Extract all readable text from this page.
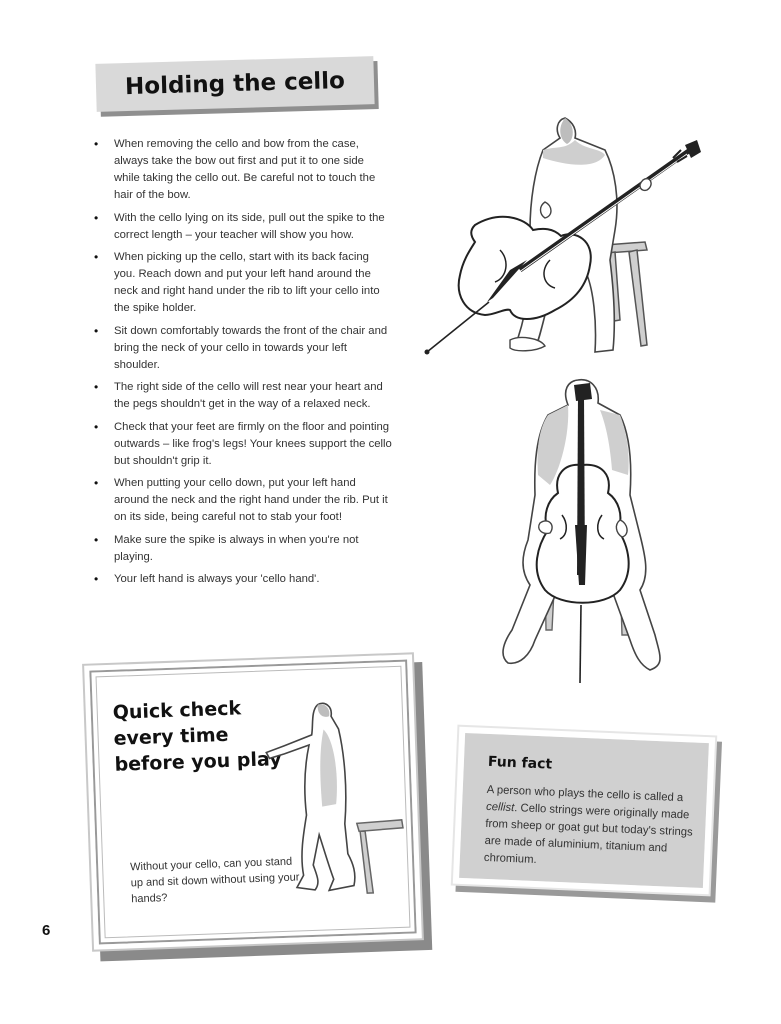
Holding the cello
• When removing the cello and bow from the case, always take the bow out first and put it to one side while taking the cello out. Be careful not to touch the hair of the bow.
• With the cello lying on its side, pull out the spike to the correct length – your teacher will show you how.
• When picking up the cello, start with its back facing you. Reach down and put your left hand around the neck and right hand under the rib to lift your cello into the spike holder.
• Sit down comfortably towards the front of the chair and bring the neck of your cello in towards your left shoulder.
• The right side of the cello will rest near your heart and the pegs shouldn't get in the way of a relaxed neck.
• Check that your feet are firmly on the floor and pointing outwards – like frog's legs! Your knees support the cello but shouldn't grip it.
• When putting your cello down, put your left hand around the neck and the right hand under the rib. Put it on its side, being careful not to stab your foot!
• Make sure the spike is always in when you're not playing.
• Your left hand is always your 'cello hand'.
Quick check every time before you play
Without your cello, can you stand up and sit down without using your hands?
Fun fact
A person who plays the cello is called a cellist. Cello strings were originally made from sheep or goat gut but today's strings are made of aluminium, titanium and chromium.
6
